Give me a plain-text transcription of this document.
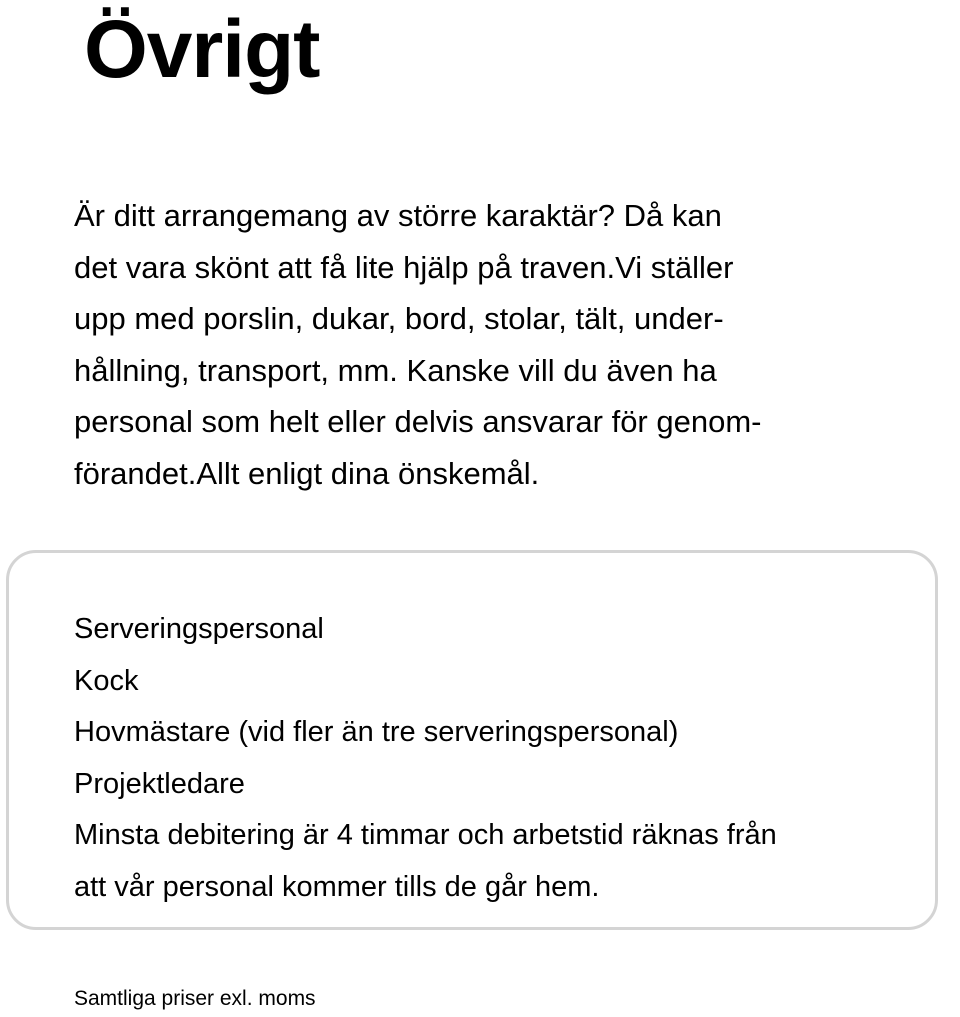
Övrigt

Är ditt arrangemang av större karaktär? Då kan
det vara skönt att få lite hjälp på traven.Vi ställer
upp med porslin, dukar, bord, stolar, tält, under-
hållning, transport, mm. Kanske vill du även ha
personal som helt eller delvis ansvarar för genom-
förandet.Allt enligt dina önskemål.

Serveringspersonal
Kock
Hovmästare (vid fler än tre serveringspersonal)
Projektledare
Minsta debitering är 4 timmar och arbetstid räknas från
att vår personal kommer tills de går hem.

Samtliga priser exl. moms
